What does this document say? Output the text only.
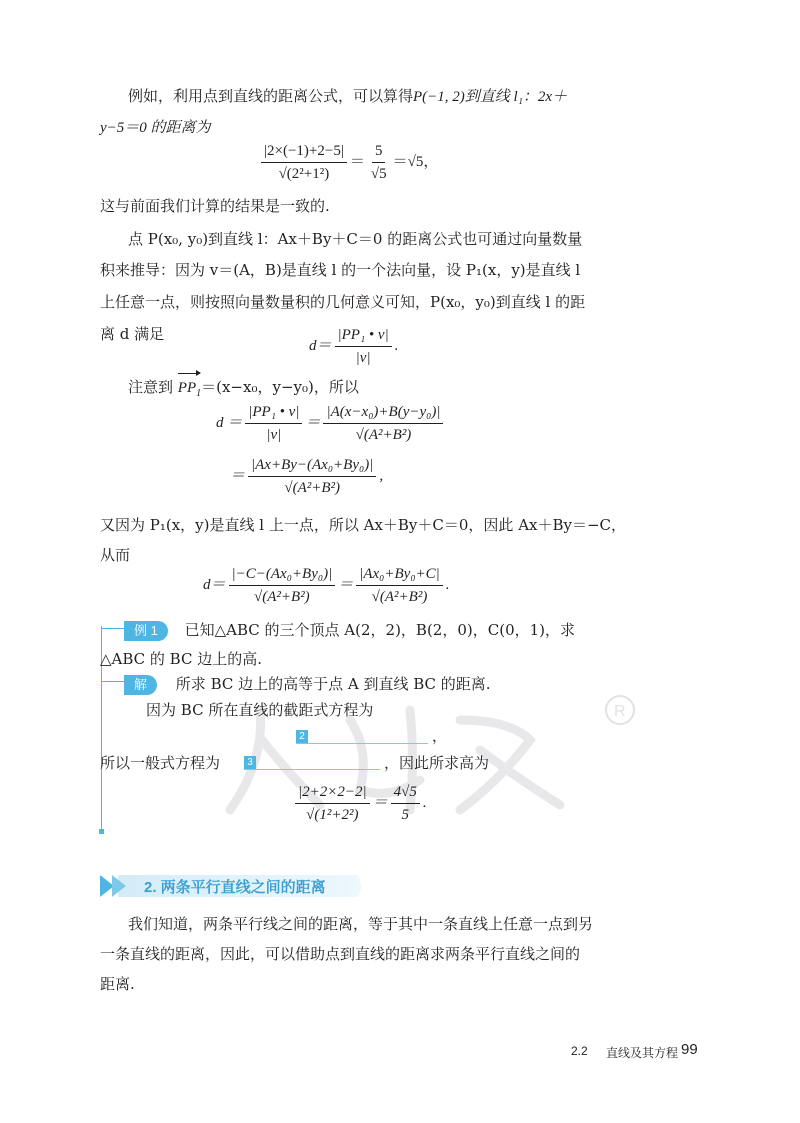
R
例如，利用点到直线的距离公式，可以算得P(−1, 2)到直线 l₁：2x＋
y−5＝0 的距离为
$\frac{|2\times(-1)+2-5|}{\text{√(2²+1²)}} = \frac{5}{√5} =√5$，
这与前面我们计算的结果是一致的.
点 P(x₀, y₀)到直线 l：Ax＋By＋C＝0 的距离公式也可通过向量数量
积来推导：因为 v＝(A，B)是直线 l 的一个法向量，设 P₁(x，y)是直线 l
上任意一点，则按照向量数量积的几何意义可知，P(x₀，y₀)到直线 l 的距
离 d 满足
$d= \frac{\text{|PP₁ • v|}}{|v|}$ .
注意到 $PP_1=(x-x_0$，y−y₀)，所以
$d = \frac{\text{|PP₁ • v|}}{|v|} = \frac{\text{|A(x−x₀)+B(y−y₀)|}}{\text{√(A²+B²)}}$
＝ $\frac{\text{|Ax+By−(Ax₀+By₀)|}}{\text{√(A²+B²)}}$ ,
又因为 P₁(x，y)是直线 l 上一点，所以 Ax＋By＋C＝0，因此 Ax＋By＝−C，
从而
$d= \frac{\text{|−C−(Ax₀+By₀)|}}{\text{√(A²+B²)}} = \frac{\text{|Ax₀+By₀+C|}}{\text{√(A²+B²)}}$ .
例 1 已知△ABC 的三个顶点 A(2，2)，B(2，0)，C(0，1)，求
△ABC 的 BC 边上的高.
解 所求 BC 边上的高等于点 A 到直线 BC 的距离.
因为 BC 所在直线的截距式方程为
2	，
所以一般式方程为	3	，因此所求高为
$\frac{|2+2\times 2-2|}{\text{√(1²+2²)}} = \frac{4√5}{5}$ .
2. 两条平行直线之间的距离
我们知道，两条平行线之间的距离，等于其中一条直线上任意一点到另
一条直线的距离，因此，可以借助点到直线的距离求两条平行直线之间的
距离.
2.2 直线及其方程 99
